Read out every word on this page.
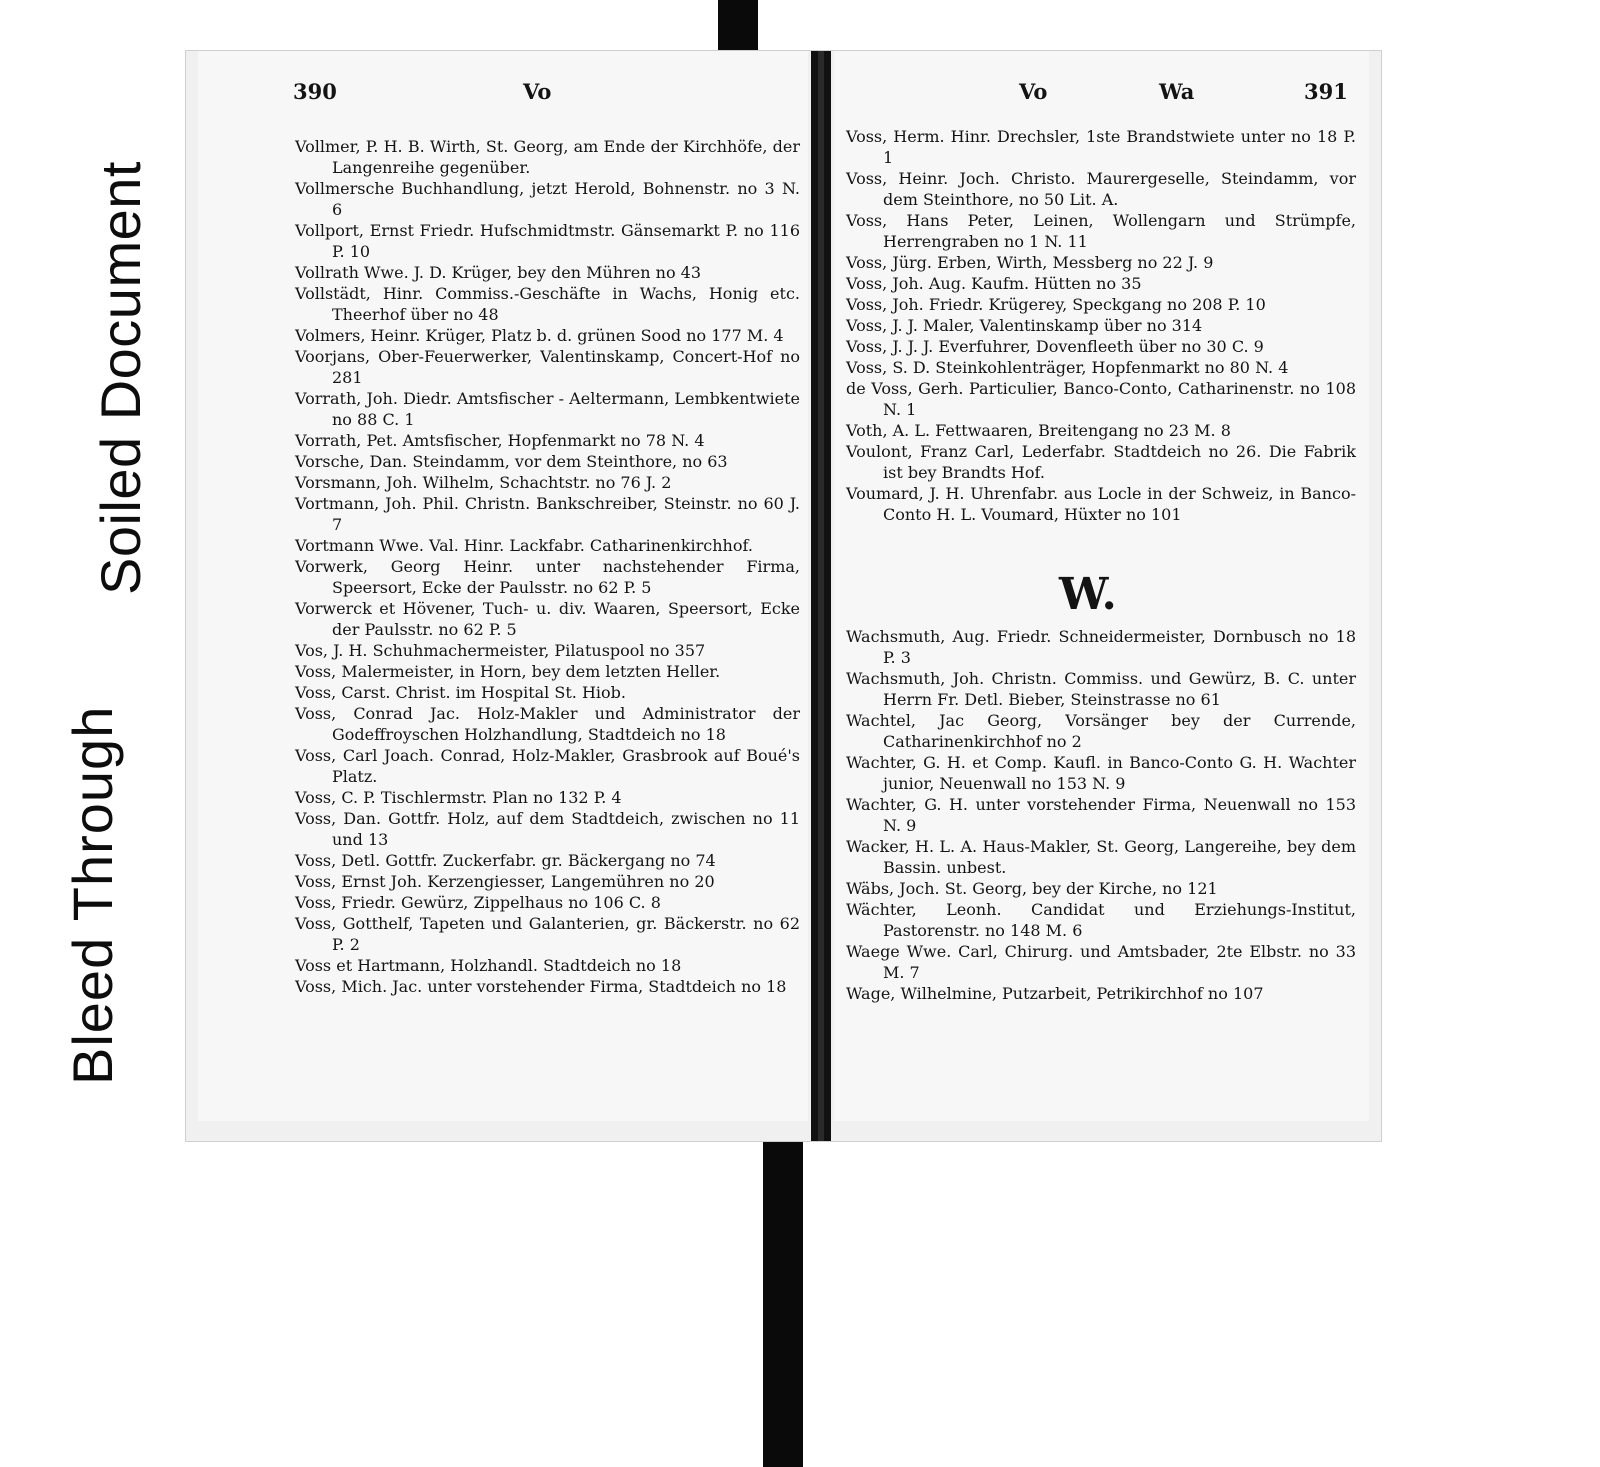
Soiled Document
Bleed Through
390	Vo
Vollmer, P. H. B. Wirth, St. Georg, am Ende der Kirchhöfe, der Langenreihe gegenüber.
Vollmersche Buchhandlung, jetzt Herold, Bohnenstr. no 3 N. 6
Vollport, Ernst Friedr. Hufschmidtmstr. Gänsemarkt P. no 116 P. 10
Vollrath Wwe. J. D. Krüger, bey den Mühren no 43
Vollstädt, Hinr. Commiss.-Geschäfte in Wachs, Honig etc. Theerhof über no 48
Volmers, Heinr. Krüger, Platz b. d. grünen Sood no 177 M. 4
Voorjans, Ober-Feuerwerker, Valentinskamp, Concert-Hof no 281
Vorrath, Joh. Diedr. Amtsfischer - Aeltermann, Lembkentwiete no 88 C. 1
Vorrath, Pet. Amtsfischer, Hopfenmarkt no 78 N. 4
Vorsche, Dan. Steindamm, vor dem Steinthore, no 63
Vorsmann, Joh. Wilhelm, Schachtstr. no 76 J. 2
Vortmann, Joh. Phil. Christn. Bankschreiber, Steinstr. no 60 J. 7
Vortmann Wwe. Val. Hinr. Lackfabr. Catharinenkirchhof.
Vorwerk, Georg Heinr. unter nachstehender Firma, Speersort, Ecke der Paulsstr. no 62 P. 5
Vorwerck et Hövener, Tuch- u. div. Waaren, Speersort, Ecke der Paulsstr. no 62 P. 5
Vos, J. H. Schuhmachermeister, Pilatuspool no 357
Voss, Malermeister, in Horn, bey dem letzten Heller.
Voss, Carst. Christ. im Hospital St. Hiob.
Voss, Conrad Jac. Holz-Makler und Administrator der Godeffroyschen Holzhandlung, Stadtdeich no 18
Voss, Carl Joach. Conrad, Holz-Makler, Grasbrook auf Boué's Platz.
Voss, C. P. Tischlermstr. Plan no 132 P. 4
Voss, Dan. Gottfr. Holz, auf dem Stadtdeich, zwischen no 11 und 13
Voss, Detl. Gottfr. Zuckerfabr. gr. Bäckergang no 74
Voss, Ernst Joh. Kerzengiesser, Langemühren no 20
Voss, Friedr. Gewürz, Zippelhaus no 106 C. 8
Voss, Gotthelf, Tapeten und Galanterien, gr. Bäckerstr. no 62 P. 2
Voss et Hartmann, Holzhandl. Stadtdeich no 18
Voss, Mich. Jac. unter vorstehender Firma, Stadtdeich no 18
Vo	Wa	391
Voss, Herm. Hinr. Drechsler, 1ste Brandstwiete unter no 18 P. 1
Voss, Heinr. Joch. Christo. Maurergeselle, Steindamm, vor dem Steinthore, no 50 Lit. A.
Voss, Hans Peter, Leinen, Wollengarn und Strümpfe, Herrengraben no 1 N. 11
Voss, Jürg. Erben, Wirth, Messberg no 22 J. 9
Voss, Joh. Aug. Kaufm. Hütten no 35
Voss, Joh. Friedr. Krügerey, Speckgang no 208 P. 10
Voss, J. J. Maler, Valentinskamp über no 314
Voss, J. J. J. Everfuhrer, Dovenfleeth über no 30 C. 9
Voss, S. D. Steinkohlenträger, Hopfenmarkt no 80 N. 4
de Voss, Gerh. Particulier, Banco-Conto, Catharinenstr. no 108 N. 1
Voth, A. L. Fettwaaren, Breitengang no 23 M. 8
Voulont, Franz Carl, Lederfabr. Stadtdeich no 26. Die Fabrik ist bey Brandts Hof.
Voumard, J. H. Uhrenfabr. aus Locle in der Schweiz, in Banco-Conto H. L. Voumard, Hüxter no 101
W.
Wachsmuth, Aug. Friedr. Schneidermeister, Dornbusch no 18 P. 3
Wachsmuth, Joh. Christn. Commiss. und Gewürz, B. C. unter Herrn Fr. Detl. Bieber, Steinstrasse no 61
Wachtel, Jac Georg, Vorsänger bey der Currende, Catharinenkirchhof no 2
Wachter, G. H. et Comp. Kaufl. in Banco-Conto G. H. Wachter junior, Neuenwall no 153 N. 9
Wachter, G. H. unter vorstehender Firma, Neuenwall no 153 N. 9
Wacker, H. L. A. Haus-Makler, St. Georg, Langereihe, bey dem Bassin. unbest.
Wäbs, Joch. St. Georg, bey der Kirche, no 121
Wächter, Leonh. Candidat und Erziehungs-Institut, Pastorenstr. no 148 M. 6
Waege Wwe. Carl, Chirurg. und Amtsbader, 2te Elbstr. no 33 M. 7
Wage, Wilhelmine, Putzarbeit, Petrikirchhof no 107
